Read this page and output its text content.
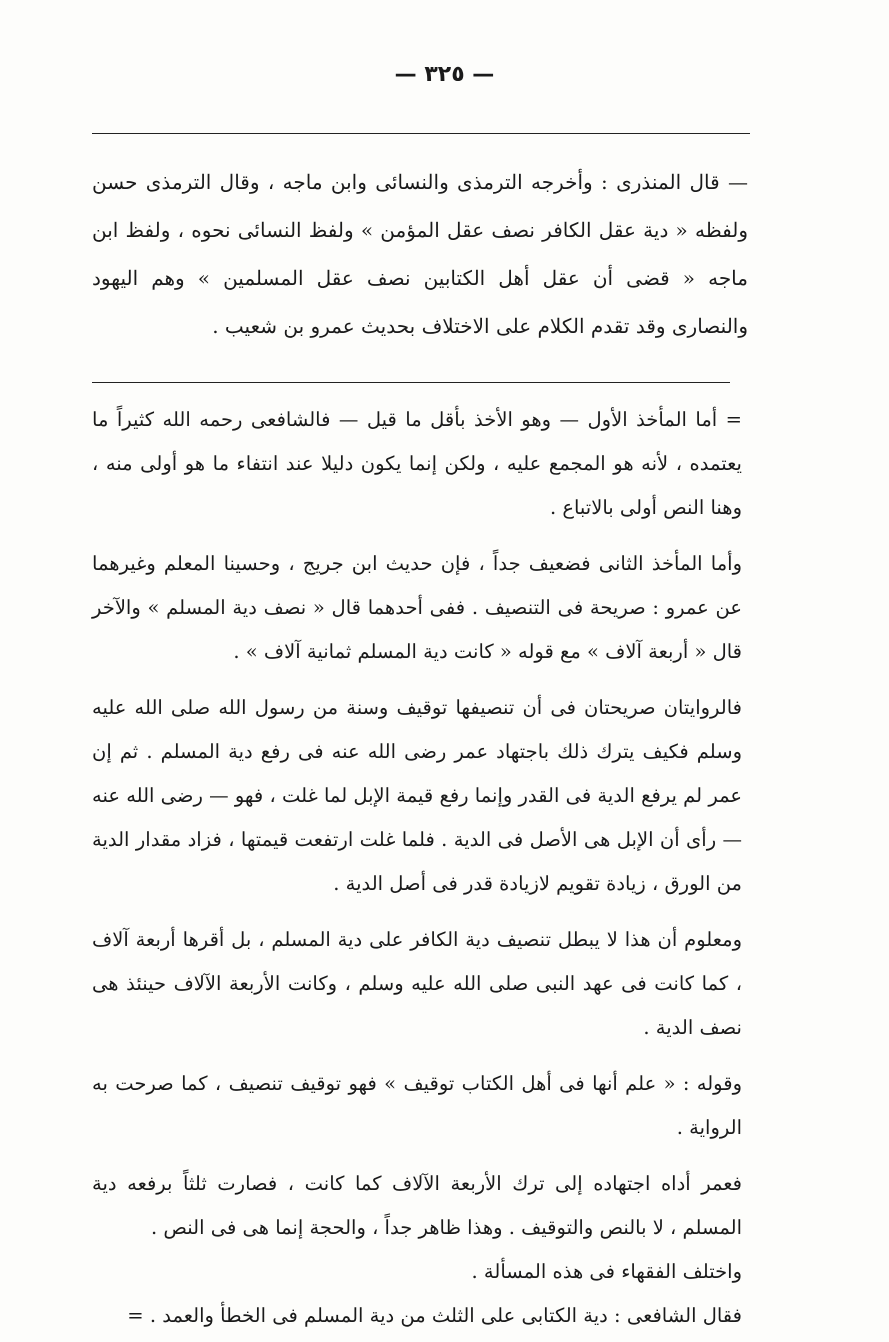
— ٣٢٥ —
— قال المنذرى : وأخرجه الترمذى والنسائى وابن ماجه ، وقال الترمذى حسن ولفظه « دية عقل الكافر نصف عقل المؤمن » ولفظ النسائى نحوه ، ولفظ ابن ماجه « قضى أن عقل أهل الكتابين نصف عقل المسلمين » وهم اليهود والنصارى وقد تقدم الكلام على الاختلاف بحديث عمرو بن شعيب .

= أما المأخذ الأول — وهو الأخذ بأقل ما قيل — فالشافعى رحمه الله كثيراً ما يعتمده ، لأنه هو المجمع عليه ، ولكن إنما يكون دليلا عند انتفاء ما هو أولى منه ، وهنا النص أولى بالاتباع .

وأما المأخذ الثانى فضعيف جداً ، فإن حديث ابن جريج ، وحسينا المعلم وغيرهما عن عمرو : صريحة فى التنصيف . ففى أحدهما قال « نصف دية المسلم » والآخر قال « أربعة آلاف » مع قوله « كانت دية المسلم ثمانية آلاف » .

فالروايتان صريحتان فى أن تنصيفها توقيف وسنة من رسول الله صلى الله عليه وسلم فكيف يترك ذلك باجتهاد عمر رضى الله عنه فى رفع دية المسلم . ثم إن عمر لم يرفع الدية فى القدر وإنما رفع قيمة الإبل لما غلت ، فهو — رضى الله عنه — رأى أن الإبل هى الأصل فى الدية . فلما غلت ارتفعت قيمتها ، فزاد مقدار الدية من الورق ، زيادة تقويم لازيادة قدر فى أصل الدية .

ومعلوم أن هذا لا يبطل تنصيف دية الكافر على دية المسلم ، بل أقرها أربعة آلاف ، كما كانت فى عهد النبى صلى الله عليه وسلم ، وكانت الأربعة الآلاف حينئذ هى نصف الدية .

وقوله : « علم أنها فى أهل الكتاب توقيف » فهو توقيف تنصيف ، كما صرحت به الرواية .

فعمر أداه اجتهاده إلى ترك الأربعة الآلاف كما كانت ، فصارت ثلثاً برفعه دية المسلم ، لا بالنص والتوقيف . وهذا ظاهر جداً ، والحجة إنما هى فى النص .

واختلف الفقهاء فى هذه المسألة .

فقال الشافعى : دية الكتابى على الثلث من دية المسلم فى الخطأ والعمد . =
